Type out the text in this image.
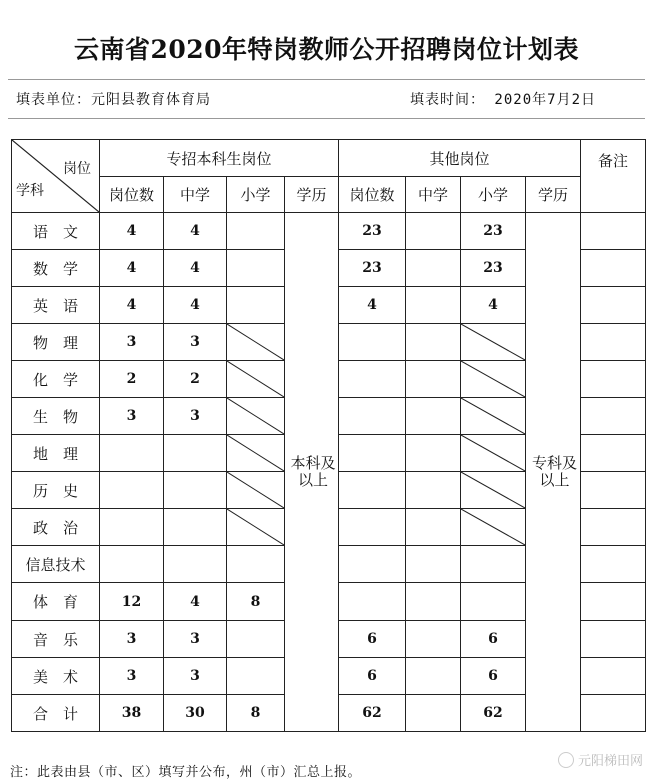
云南省2020年特岗教师公开招聘岗位计划表
填表单位：元阳县教育体育局	填表时间： 2020年7月2日
岗位
学科	专招本科生岗位				其他岗位				备注
	岗位数	中学	小学	学历	岗位数	中学	小学	学历	
语　文	4	4		本科及以上	23		23	专科及以上	
数　学	4	4			23		23		
英　语	4	4			4		4		
物　理	3	3	

化　学	2	2	

生　物	3	3	

地　理			

历　史			

政　治			

信息技术									
体　育	12	4	8						
音　乐	3	3			6		6		
美　术	3	3			6		6		
合　计	38	30	8		62		62		
注：此表由县（市、区）填写并公布，州（市）汇总上报。
元阳梯田网
